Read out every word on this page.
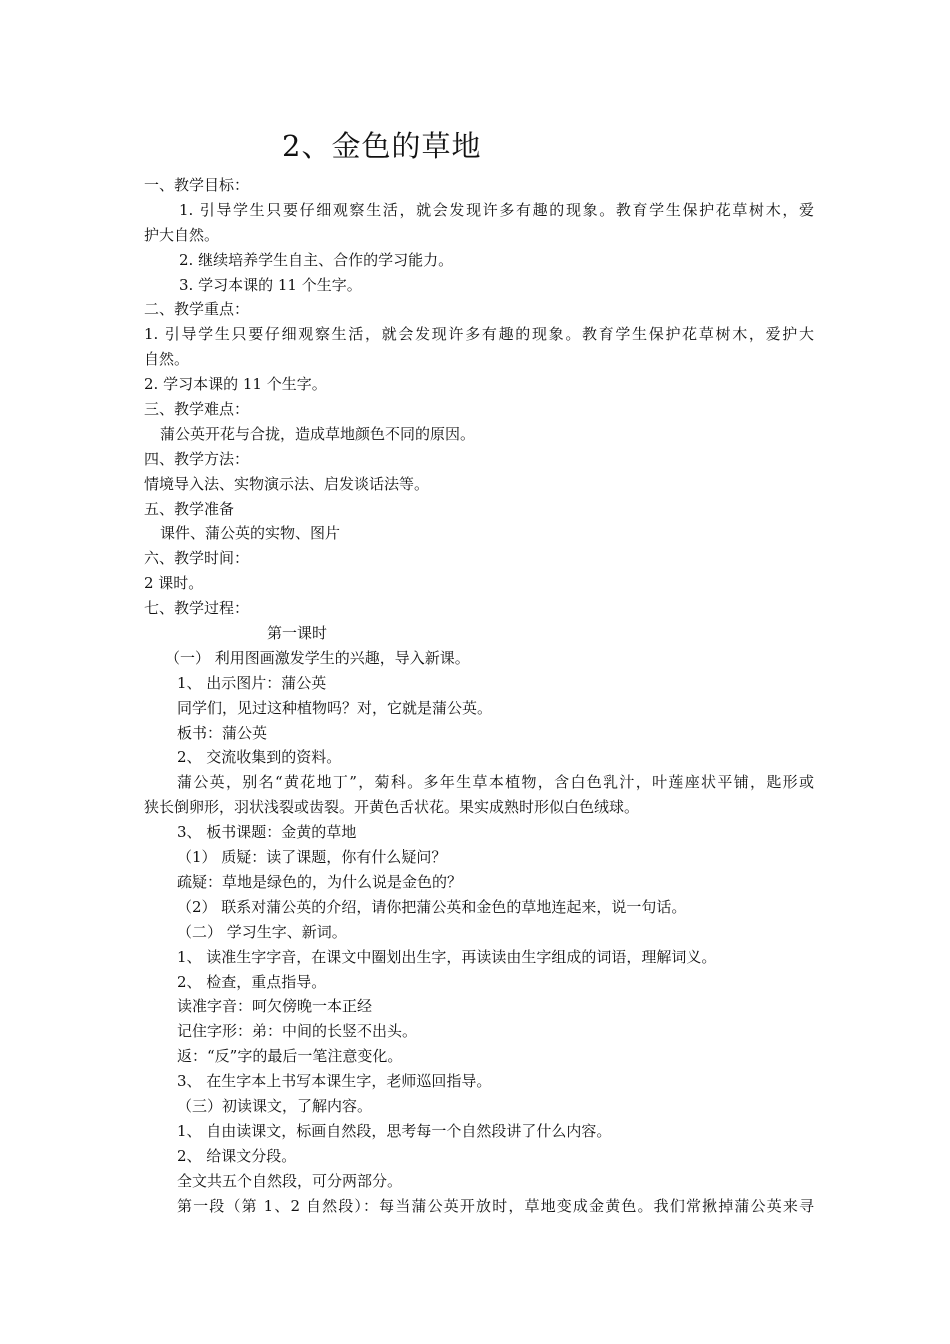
2、金色的草地
一、教学目标：
1. 引导学生只要仔细观察生活，就会发现许多有趣的现象。教育学生保护花草树木，爱
护大自然。
2. 继续培养学生自主、合作的学习能力。
3. 学习本课的 11 个生字。
二、教学重点：
1. 引导学生只要仔细观察生活，就会发现许多有趣的现象。教育学生保护花草树木，爱护大
自然。
2. 学习本课的 11 个生字。
三、教学难点：
蒲公英开花与合拢，造成草地颜色不同的原因。
四、教学方法：
情境导入法、实物演示法、启发谈话法等。
五、教学准备
课件、蒲公英的实物、图片
六、教学时间：
2 课时。
七、教学过程：
第一课时
（一） 利用图画激发学生的兴趣，导入新课。
1、 出示图片：蒲公英
同学们，见过这种植物吗？对，它就是蒲公英。
板书：蒲公英
2、 交流收集到的资料。
蒲公英，别名“黄花地丁”，菊科。多年生草本植物，含白色乳汁，叶莲座状平铺，匙形或
狭长倒卵形，羽状浅裂或齿裂。开黄色舌状花。果实成熟时形似白色绒球。
3、 板书课题：金黄的草地
（1） 质疑：读了课题，你有什么疑问？
疏疑：草地是绿色的，为什么说是金色的？
（2） 联系对蒲公英的介绍，请你把蒲公英和金色的草地连起来，说一句话。
（二） 学习生字、新词。
1、 读准生字字音，在课文中圈划出生字，再读读由生字组成的词语，理解词义。
2、 检查，重点指导。
读准字音：呵欠傍晚一本正经
记住字形：弟：中间的长竖不出头。
返：“反”字的最后一笔注意变化。
3、 在生字本上书写本课生字，老师巡回指导。
（三）初读课文，了解内容。
1、 自由读课文，标画自然段，思考每一个自然段讲了什么内容。
2、 给课文分段。
全文共五个自然段，可分两部分。
第一段（第 1、2 自然段）：每当蒲公英开放时，草地变成金黄色。我们常揪掉蒲公英来寻
